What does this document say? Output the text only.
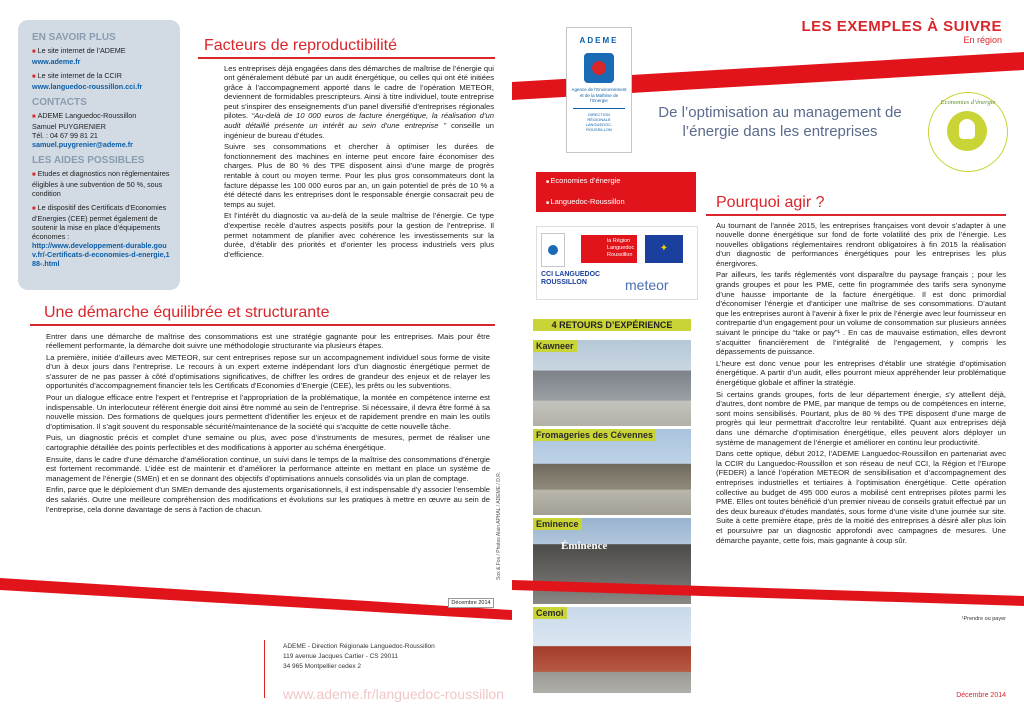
EN SAVOIR PLUS

■ Le site internet de l’ADEME
www.ademe.fr

■ Le site internet de la CCIR
www.languedoc-roussillon.cci.fr

CONTACTS

■ ADEME Languedoc-Roussillon
Samuel PUYGRENIER
Tél. : 04 67 99 81 21
samuel.puygrenier@ademe.fr

LES AIDES POSSIBLES

■ Etudes et diagnostics non réglementaires éligibles à une subvention de 50 %, sous condition

■ Le dispositif des Certificats d’Economies d’Energies (CEE) permet également de soutenir la mise en place d’équipements économes :
http://www.developpement-durable.gouv.fr/-Certificats-d-economies-d-energie,188-.html

Facteurs de reproductibilité

Les entreprises déjà engagées dans des démarches de maîtrise de l’énergie qui ont généralement débuté par un audit énergétique, ou celles qui ont été initiées grâce à l’accompagnement apporté dans le cadre de l’opération METEOR, deviennent de formidables prescripteurs. Ainsi à titre individuel, toute entreprise peut s’inspirer des enseignements d’un panel diversifié d’entreprises régionales pilotes. “Au-delà de 10 000 euros de facture énergétique, la réalisation d’un audit détaillé présente un intérêt au sein d’une entreprise ” conseille un ingénieur de bureau d’études.

Suivre ses consommations et chercher à optimiser les durées de fonctionnement des machines en interne peut encore faire économiser des charges. Plus de 80 % des TPE disposent ainsi d’une marge de progrès rentable à court ou moyen terme. Pour les plus gros consommateurs dont la facture dépasse les 100 000 euros par an, un gain potentiel de près de 10 % a été détecté dans les entreprises dont le responsable énergie consacrait peu de temps au sujet.

Et l’intérêt du diagnostic va au-delà de la seule maîtrise de l’énergie. Ce type d’expertise recèle d’autres aspects positifs pour la gestion de l’entreprise. Il permet notamment de planifier avec cohérence les investissements sur la durée, d’établir des priorités et d’orienter les process industriels vers plus d’efficience.

Une démarche équilibrée et structurante

Entrer dans une démarche de maîtrise des consommations est une stratégie gagnante pour les entreprises. Mais pour être réellement performante, la démarche doit suivre une méthodologie structurante via plusieurs étapes.

La première, initiée d’ailleurs avec METEOR, sur cent entreprises repose sur un accompagnement individuel sous forme de visite d’un à deux jours dans l’entreprise. Le recours à un expert externe indépendant lors d’un diagnostic énergétique permet de s’assurer de ne pas passer à côté d’optimisations significatives, de chiffrer les ordres de grandeur des enjeux et de relayer les opportunités d’accompagnement financier tels les Certificats d’Economies d’Energie (CEE), les prêts ou les subventions.

Pour un dialogue efficace entre l’expert et l’entreprise et l’appropriation de la problématique, la montée en compétence interne est indispensable. Un interlocuteur référent énergie doit ainsi être nommé au sein de l’entreprise. Si nécessaire, il devra être formé à sa nouvelle mission. Des formations de quelques jours permettent d’identifier les enjeux et de rapidement prendre en main les outils d’optimisation. Il s’agit souvent du responsable sécurité/maintenance de la société qui s’acquitte de cette nouvelle tâche.

Puis, un diagnostic précis et complet d’une semaine ou plus, avec pose d’instruments de mesures, permet de réaliser une cartographie détaillée des points perfectibles et des modifications à apporter au schéma énergétique.

Ensuite, dans le cadre d’une démarche d’amélioration continue, un suivi dans le temps de la maîtrise des consommations d’énergie est fortement recommandé. L’idée est de maintenir et d’améliorer la performance atteinte en mettant en place un système de management de l’énergie (SMEn) et en se donnant des objectifs d’optimisations annuels consolidés via un plan de comptage.

Enfin, parce que le déploiement d’un SMEn demande des ajustements organisationnels, il est indispensable d’y associer l’ensemble des salariés. Outre une meilleure compréhension des modifications et évolutions sur les pratiques à mettre en œuvre au sein de l’entreprise, cela donne davantage de sens à l’action de chacun.

Décembre 2014
ADEME - Direction Régionale Languedoc-Roussillon
119 avenue Jacques Cartier - CS 29011
34 965 Montpellier cedex 2
www.ademe.fr/languedoc-roussillon
ADEME
Agence de l’Environnement et de la Maîtrise de l’Energie
DIRECTION RÉGIONALE LANGUEDOC-ROUSSILLON
■ Economies d’énergie
■ Languedoc-Roussillon
la Région Languedoc Roussillon
✦
CCI LANGUEDOC ROUSSILLON	meteor
4 RETOURS D’EXPÉRIENCE
Kawneer
Fromageries des Cévennes
Éminence
Eminence
Cemoi
Sox & Fox / Photos Alain APHAL / ADEME / D.R.
LES EXEMPLES À SUIVRE
En région
De l’optimisation au management de l’énergie dans les entreprises
Economies d’énergie
Pourquoi agir ?

Au tournant de l’année 2015, les entreprises françaises vont devoir s’adapter à une nouvelle donne énergétique sur fond de forte volatilité des prix de l’énergie. Les nouvelles obligations réglementaires rendront obligatoires à fin 2015 la réalisation d’un diagnostic de performances énergétiques pour les entreprises les plus énergivores.

Par ailleurs, les tarifs réglementés vont disparaître du paysage français ; pour les grands groupes et pour les PME, cette fin programmée des tarifs sera synonyme d’une hausse importante de la facture énergétique. Il est donc primordial d’économiser l’énergie et d’anticiper une maîtrise de ses consommations. D’autant que les entreprises auront à l’avenir à fixer le prix de l’énergie avec leur fournisseur en contrepartie d’un engagement pour un volume de consommation sur plusieurs années suivant le principe du “take or pay”¹ . En cas de mauvaise estimation, elles devront s’acquitter financièrement de l’intégralité de l’engagement, y compris les dépassements de puissance.

L’heure est donc venue pour les entreprises d’établir une stratégie d’optimisation énergétique. A partir d’un audit, elles pourront mieux appréhender leur problématique énergétique globale et affiner la stratégie.

Si certains grands groupes, forts de leur département énergie, s’y attellent déjà, d’autres, dont nombre de PME, par manque de temps ou de compétences en interne, sont moins sensibilisés. Pourtant, plus de 80 % des TPE disposent d’une marge de progrès qui leur permettrait d’accroître leur rentabilité. Quant aux entreprises déjà dans une démarche d’optimisation énergétique, elles peuvent alors déployer un système de management de l’énergie et améliorer en continu leur productivité.

Dans cette optique, début 2012, l’ADEME Languedoc-Roussillon en partenariat avec la CCIR du Languedoc-Roussillon et son réseau de neuf CCI, la Région et l’Europe (FEDER) a lancé l’opération METEOR de sensibilisation et d’accompagnement des entreprises industrielles et tertiaires à l’optimisation énergétique. Cette opération collective au budget de 495 000 euros a mobilisé cent entreprises pilotes parmi les PME. Elles ont toutes bénéficié d’un premier niveau de conseils gratuit effectué par un des deux bureaux d’études mandatés, sous forme d’une visite d’une journée sur site. Suite à cette première étape, près de la moitié des entreprises à désiré aller plus loin et poursuivre par un diagnostic approfondi avec campagnes de mesures. Une démarche payante, cette fois, mais gagnante à coup sûr.

¹Prendre ou payer
Décembre 2014
